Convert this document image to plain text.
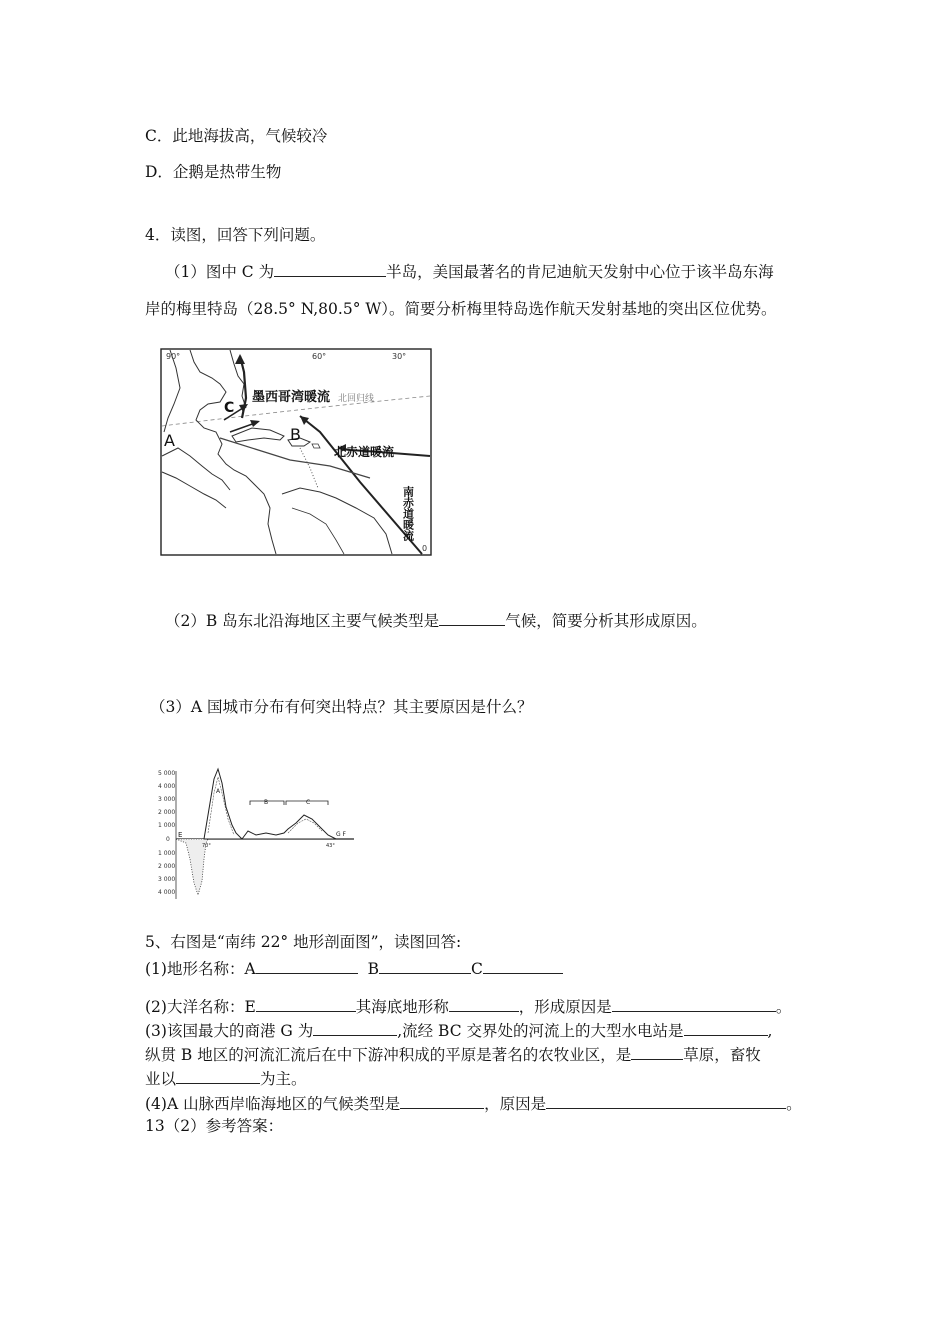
C．此地海拔高，气候较冷
D．企鹅是热带生物
4．读图，回答下列问题。
（1）图中 C 为	半岛，美国最著名的肯尼迪航天发射中心位于该半岛东海
岸的梅里特岛（28.5° N,80.5° W）。简要分析梅里特岛选作航天发射基地的突出区位优势。
90°	60°	30°
墨西哥湾暖流 北回归线
北赤道暖流
A	B
C
0
南赤道暖流
（2）B 岛东北沿海地区主要气候类型是	气候，简要分析其形成原因。
（3）A 国城市分布有何突出特点？其主要原因是什么？
5 000
4 000
3 000
2 000
1 000
0
1 000
2 000
3 000
4 000
E
A
B	C
G F
70°	43°
5、右图是“南纬 22° 地形剖面图”，读图回答:
(1)地形名称：A	B	C
(2)大洋名称：E	其海底地形称	，形成原因是	。
(3)该国最大的商港 G 为	,流经 BC 交界处的河流上的大型水电站是	,
纵贯 B 地区的河流汇流后在中下游冲积成的平原是著名的农牧业区，是	草原，畜牧
业以	为主。
(4)A 山脉西岸临海地区的气候类型是	，原因是	。
13（2）参考答案：
